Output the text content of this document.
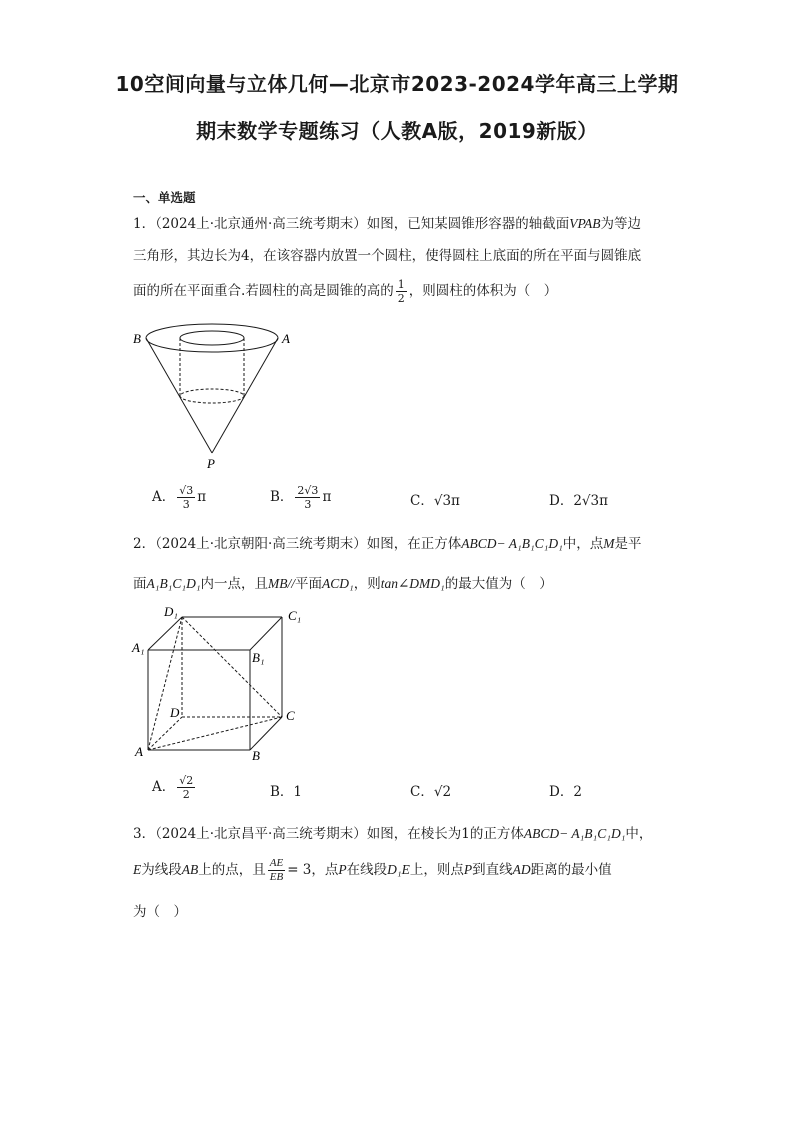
10空间向量与立体几何—北京市2023-2024学年高三上学期
期末数学专题练习（人教A版，2019新版）
一、单选题
1．（2024上·北京通州·高三统考期末）如图，已知某圆锥形容器的轴截面VPAB为等边
三角形，其边长为4，在该容器内放置一个圆柱，使得圆柱上底面的所在平面与圆锥底
面的所在平面重合.若圆柱的高是圆锥的高的 $\frac{1}{2}$ ，则圆柱的体积为（　）
B	A
P
A． $\frac{√3}{3}$ π	B． $\frac{2√3}{3}$ π	C．√3π	D．2√3π
2．（2024上·北京朝阳·高三统考期末）如图，在正方体ABCD− A₁B₁C₁D₁中，点M是平
面A₁B₁C₁D₁内一点，且MB//平面ACD₁，则tan∠DMD₁的最大值为（　）
D₁	C₁
A₁
B₁
D	C
A	B
A． $\frac{√2}{2}$	B．1	C．√2	D．2
3．（2024上·北京昌平·高三统考期末）如图，在棱长为1的正方体ABCD− A₁B₁C₁D₁中，
E为线段AB上的点，且 $\frac{AE}{EB} = 3$，点P在线段D₁E上，则点P到直线AD距离的最小值
为（　）
